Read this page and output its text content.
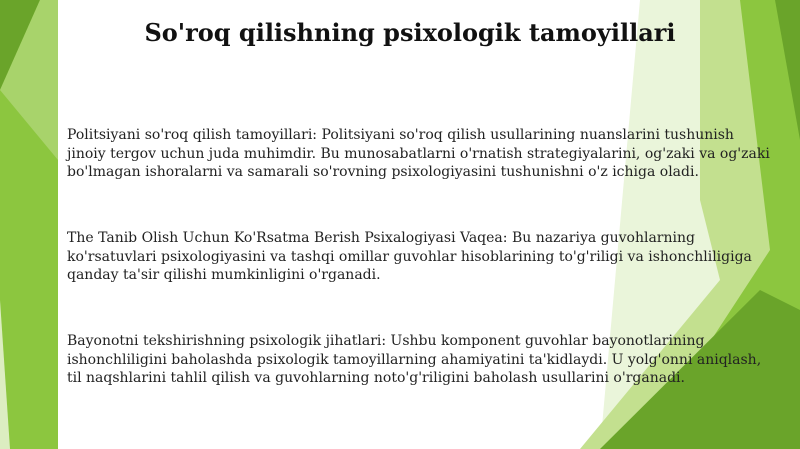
So'roq qilishning psixologik tamoyillari

Politsiyani so'roq qilish tamoyillari: Politsiyani so'roq qilish usullarining nuanslarini tushunish jinoiy tergov uchun juda muhimdir. Bu munosabatlarni o'rnatish strategiyalarini, og'zaki va og'zaki bo'lmagan ishoralarni va samarali so'rovning psixologiyasini tushunishni o'z ichiga oladi.

The Tanib Olish Uchun Ko'Rsatma Berish Psixalogiyasi Vaqea: Bu nazariya guvohlarning ko'rsatuvlari psixologiyasini va tashqi omillar guvohlar hisoblarining to'g'riligi va ishonchliligiga qanday ta'sir qilishi mumkinligini o'rganadi.

Bayonotni tekshirishning psixologik jihatlari: Ushbu komponent guvohlar bayonotlarining ishonchliligini baholashda psixologik tamoyillarning ahamiyatini ta'kidlaydi. U yolg'onni aniqlash, til naqshlarini tahlil qilish va guvohlarning noto'g'riligini baholash usullarini o'rganadi.
